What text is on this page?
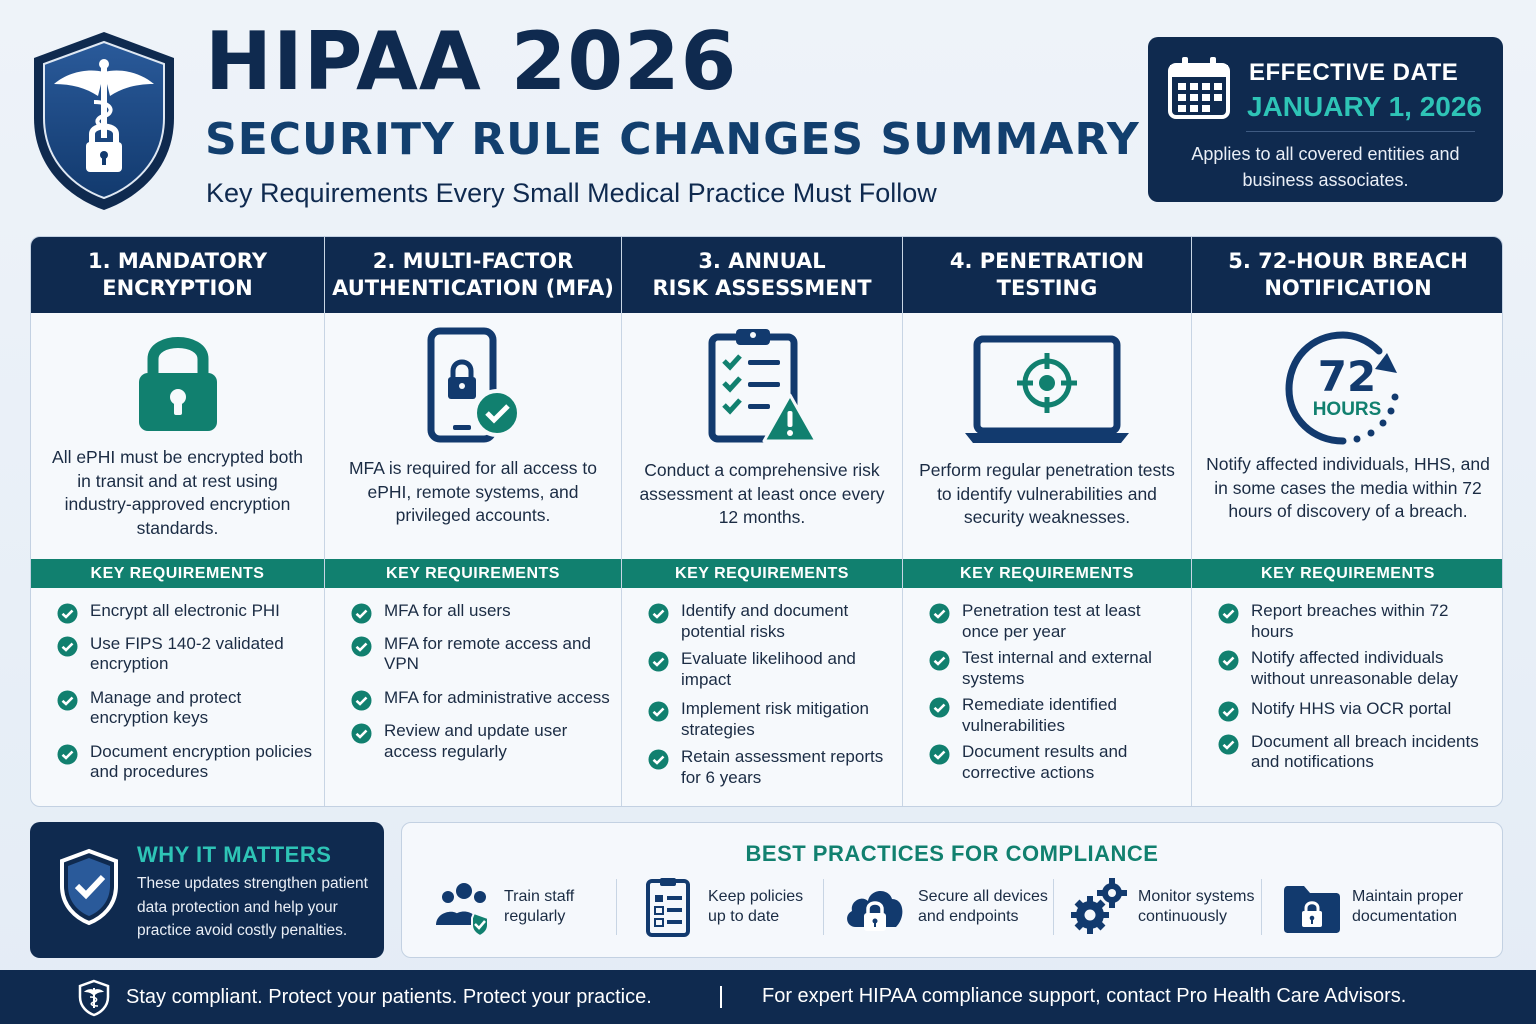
HIPAA 2026
SECURITY RULE CHANGES SUMMARY
Key Requirements Every Small Medical Practice Must Follow
EFFECTIVE DATE
JANUARY 1, 2026
Applies to all covered entities and business associates.
1. MANDATORY
ENCRYPTION
All ePHI must be encrypted both in transit and at rest using industry-approved encryption standards.
KEY REQUIREMENTS
Encrypt all electronic PHI
Use FIPS 140-2 validated encryption
Manage and protect encryption keys
Document encryption policies and procedures
2. MULTI-FACTOR
AUTHENTICATION (MFA)
MFA is required for all access to ePHI, remote systems, and privileged accounts.
KEY REQUIREMENTS
MFA for all users
MFA for remote access and VPN
MFA for administrative access
Review and update user access regularly
3. ANNUAL
RISK ASSESSMENT
Conduct a comprehensive risk assessment at least once every 12 months.
KEY REQUIREMENTS
Identify and document potential risks
Evaluate likelihood and impact
Implement risk mitigation strategies
Retain assessment reports for 6 years
4. PENETRATION
TESTING
Perform regular penetration tests to identify vulnerabilities and security weaknesses.
KEY REQUIREMENTS
Penetration test at least once per year
Test internal and external systems
Remediate identified vulnerabilities
Document results and corrective actions
5. 72-HOUR BREACH
NOTIFICATION
72
HOURS
Notify affected individuals, HHS, and in some cases the media within 72 hours of discovery of a breach.
KEY REQUIREMENTS
Report breaches within 72 hours
Notify affected individuals without unreasonable delay
Notify HHS via OCR portal
Document all breach incidents and notifications
WHY IT MATTERS
These updates strengthen patient data protection and help your practice avoid costly penalties.
BEST PRACTICES FOR COMPLIANCE
Train staff
regularly
Keep policies
up to date
Secure all devices
and endpoints
Monitor systems
continuously
Maintain proper
documentation
Stay compliant. Protect your patients. Protect your practice.	For expert HIPAA compliance support, contact Pro Health Care Advisors.
